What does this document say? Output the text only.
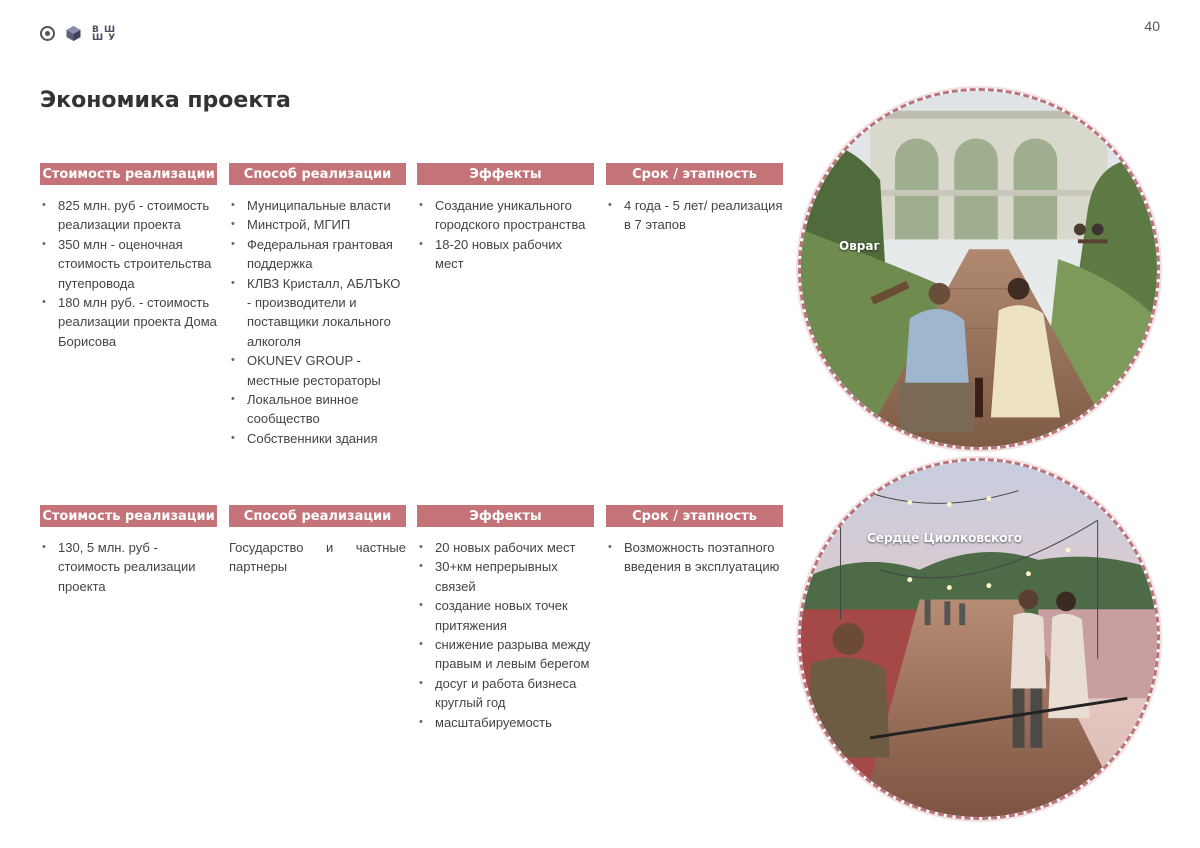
В Ш
Ш У
40
Экономика проекта
Стоимость реализации
• 825 млн. руб - стоимость реализации проекта
• 350 млн - оценочная стоимость строительства путепровода
• 180 млн руб. - стоимость реализации проекта Дома Борисова
Способ реализации
• Муниципальные власти
• Минстрой, МГИП
• Федеральная грантовая поддержка
• КЛВЗ Кристалл, АБЛЪКО - производители и поставщики локального алкоголя
• OKUNEV GROUP - местные рестораторы
• Локальное винное сообщество
• Собственники здания
Эффекты
• Создание уникального городского пространства
• 18-20 новых рабочих мест
Срок / этапность
• 4 года - 5 лет/ реализация в 7 этапов
Стоимость реализации
• 130, 5 млн. руб - стоимость реализации проекта
Способ реализации

Государство и частные партнеры

Эффекты
• 20 новых рабочих мест
• 30+км непрерывных связей
• создание новых точек притяжения
• снижение разрыва между правым и левым берегом
• досуг и работа бизнеса круглый год
• масштабируемость
Срок / этапность
• Возможность поэтапного введения в эксплуатацию
Овраг
Сердце Циолковского
